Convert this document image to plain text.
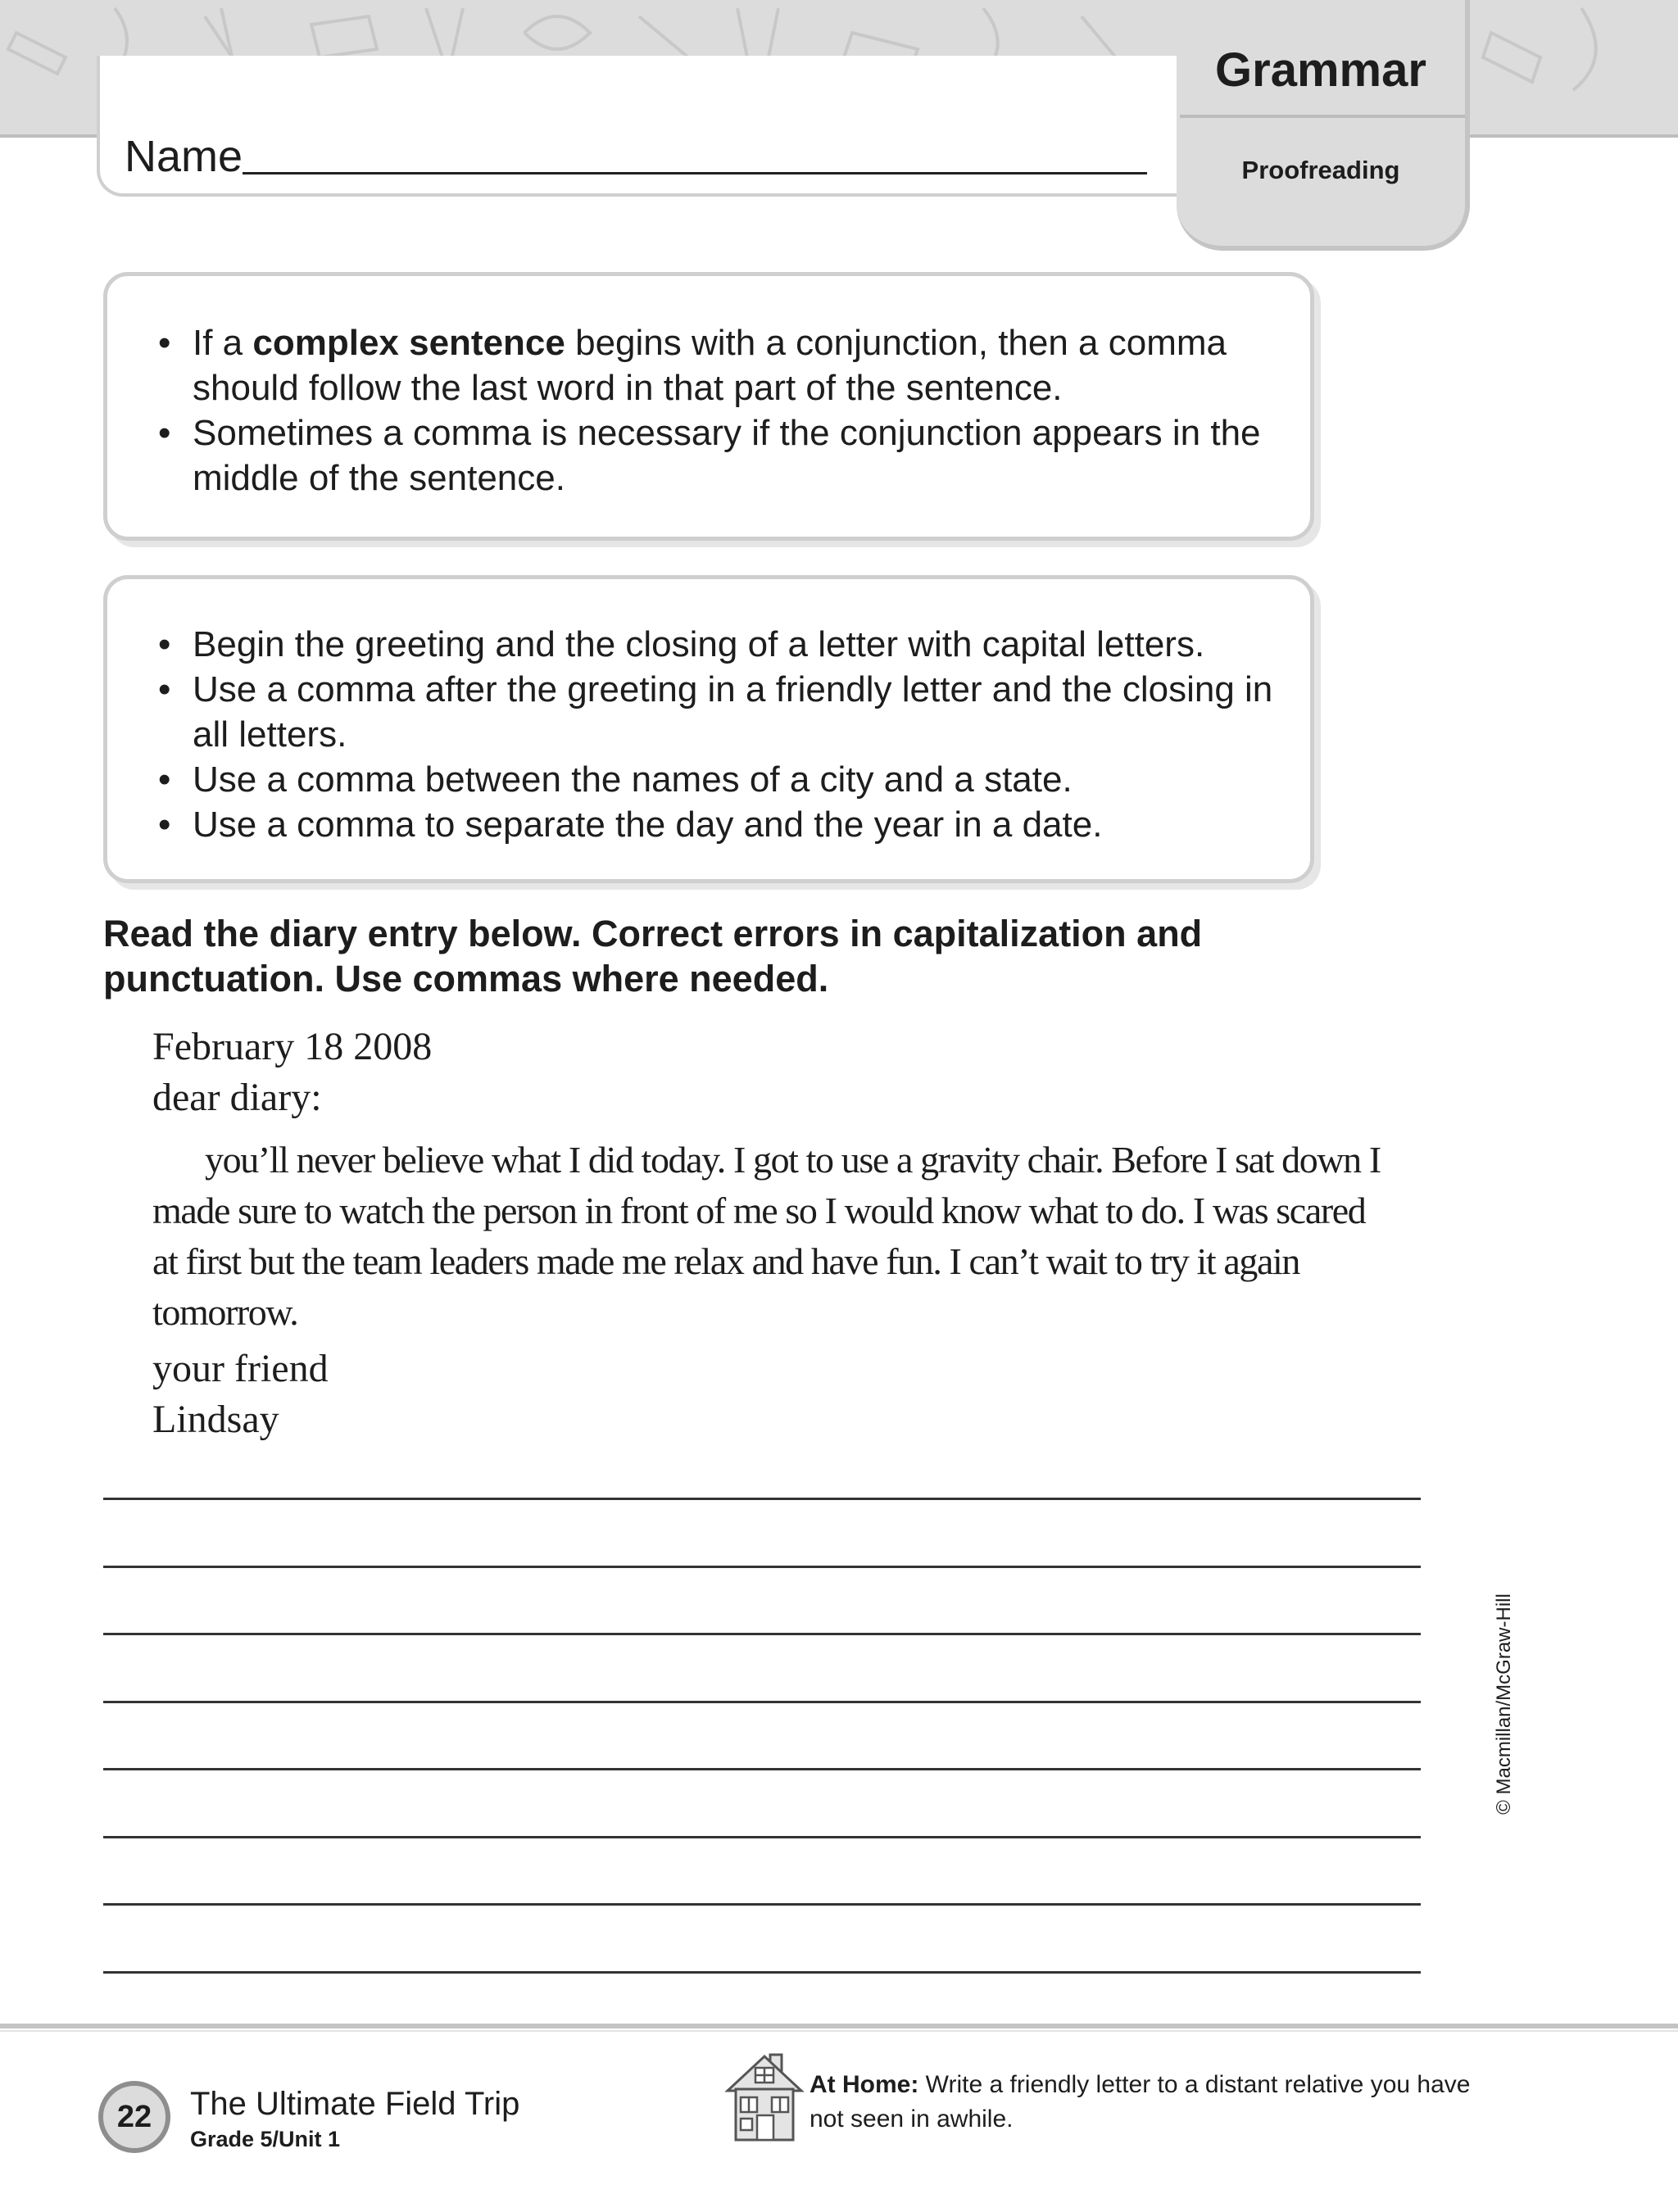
Name
Grammar
Proofreading
• If a complex sentence begins with a conjunction, then a comma should follow the last word in that part of the sentence.
• Sometimes a comma is necessary if the conjunction appears in the middle of the sentence.
• Begin the greeting and the closing of a letter with capital letters.
• Use a comma after the greeting in a friendly letter and the closing in all letters.
• Use a comma between the names of a city and a state.
• Use a comma to separate the day and the year in a date.
Read the diary entry below. Correct errors in capitalization and punctuation. Use commas where needed.
February 18 2008
dear diary:
you’ll never believe what I did today. I got to use a gravity chair. Before I sat down I made sure to watch the person in front of me so I would know what to do. I was scared at first but the team leaders made me relax and have fun. I can’t wait to try it again tomorrow.
your friend
Lindsay
© Macmillan/McGraw-Hill
22	The Ultimate Field Trip
Grade 5/Unit 1
At Home: Write a friendly letter to a distant relative you have not seen in awhile.
